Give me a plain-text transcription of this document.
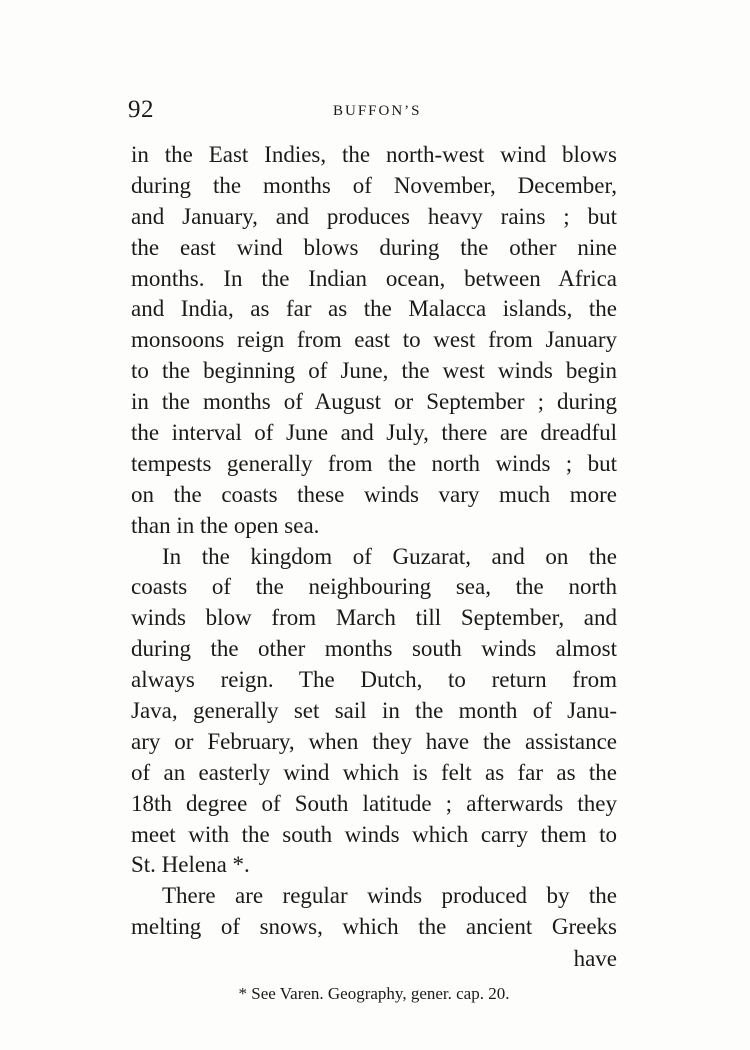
92	BUFFON’S
in the East Indies, the north-west wind blows
during the months of November, December,
and January, and produces heavy rains ; but
the east wind blows during the other nine
months. In the Indian ocean, between Africa
and India, as far as the Malacca islands, the
monsoons reign from east to west from January
to the beginning of June, the west winds begin
in the months of August or September ; during
the interval of June and July, there are dreadful
tempests generally from the north winds ; but
on the coasts these winds vary much more
than in the open sea.
In the kingdom of Guzarat, and on the
coasts of the neighbouring sea, the north
winds blow from March till September, and
during the other months south winds almost
always reign. The Dutch, to return from
Java, generally set sail in the month of Janu-
ary or February, when they have the assistance
of an easterly wind which is felt as far as the
18th degree of South latitude ; afterwards they
meet with the south winds which carry them to
St. Helena *.
There are regular winds produced by the
melting of snows, which the ancient Greeks
have
* See Varen. Geography, gener. cap. 20.
